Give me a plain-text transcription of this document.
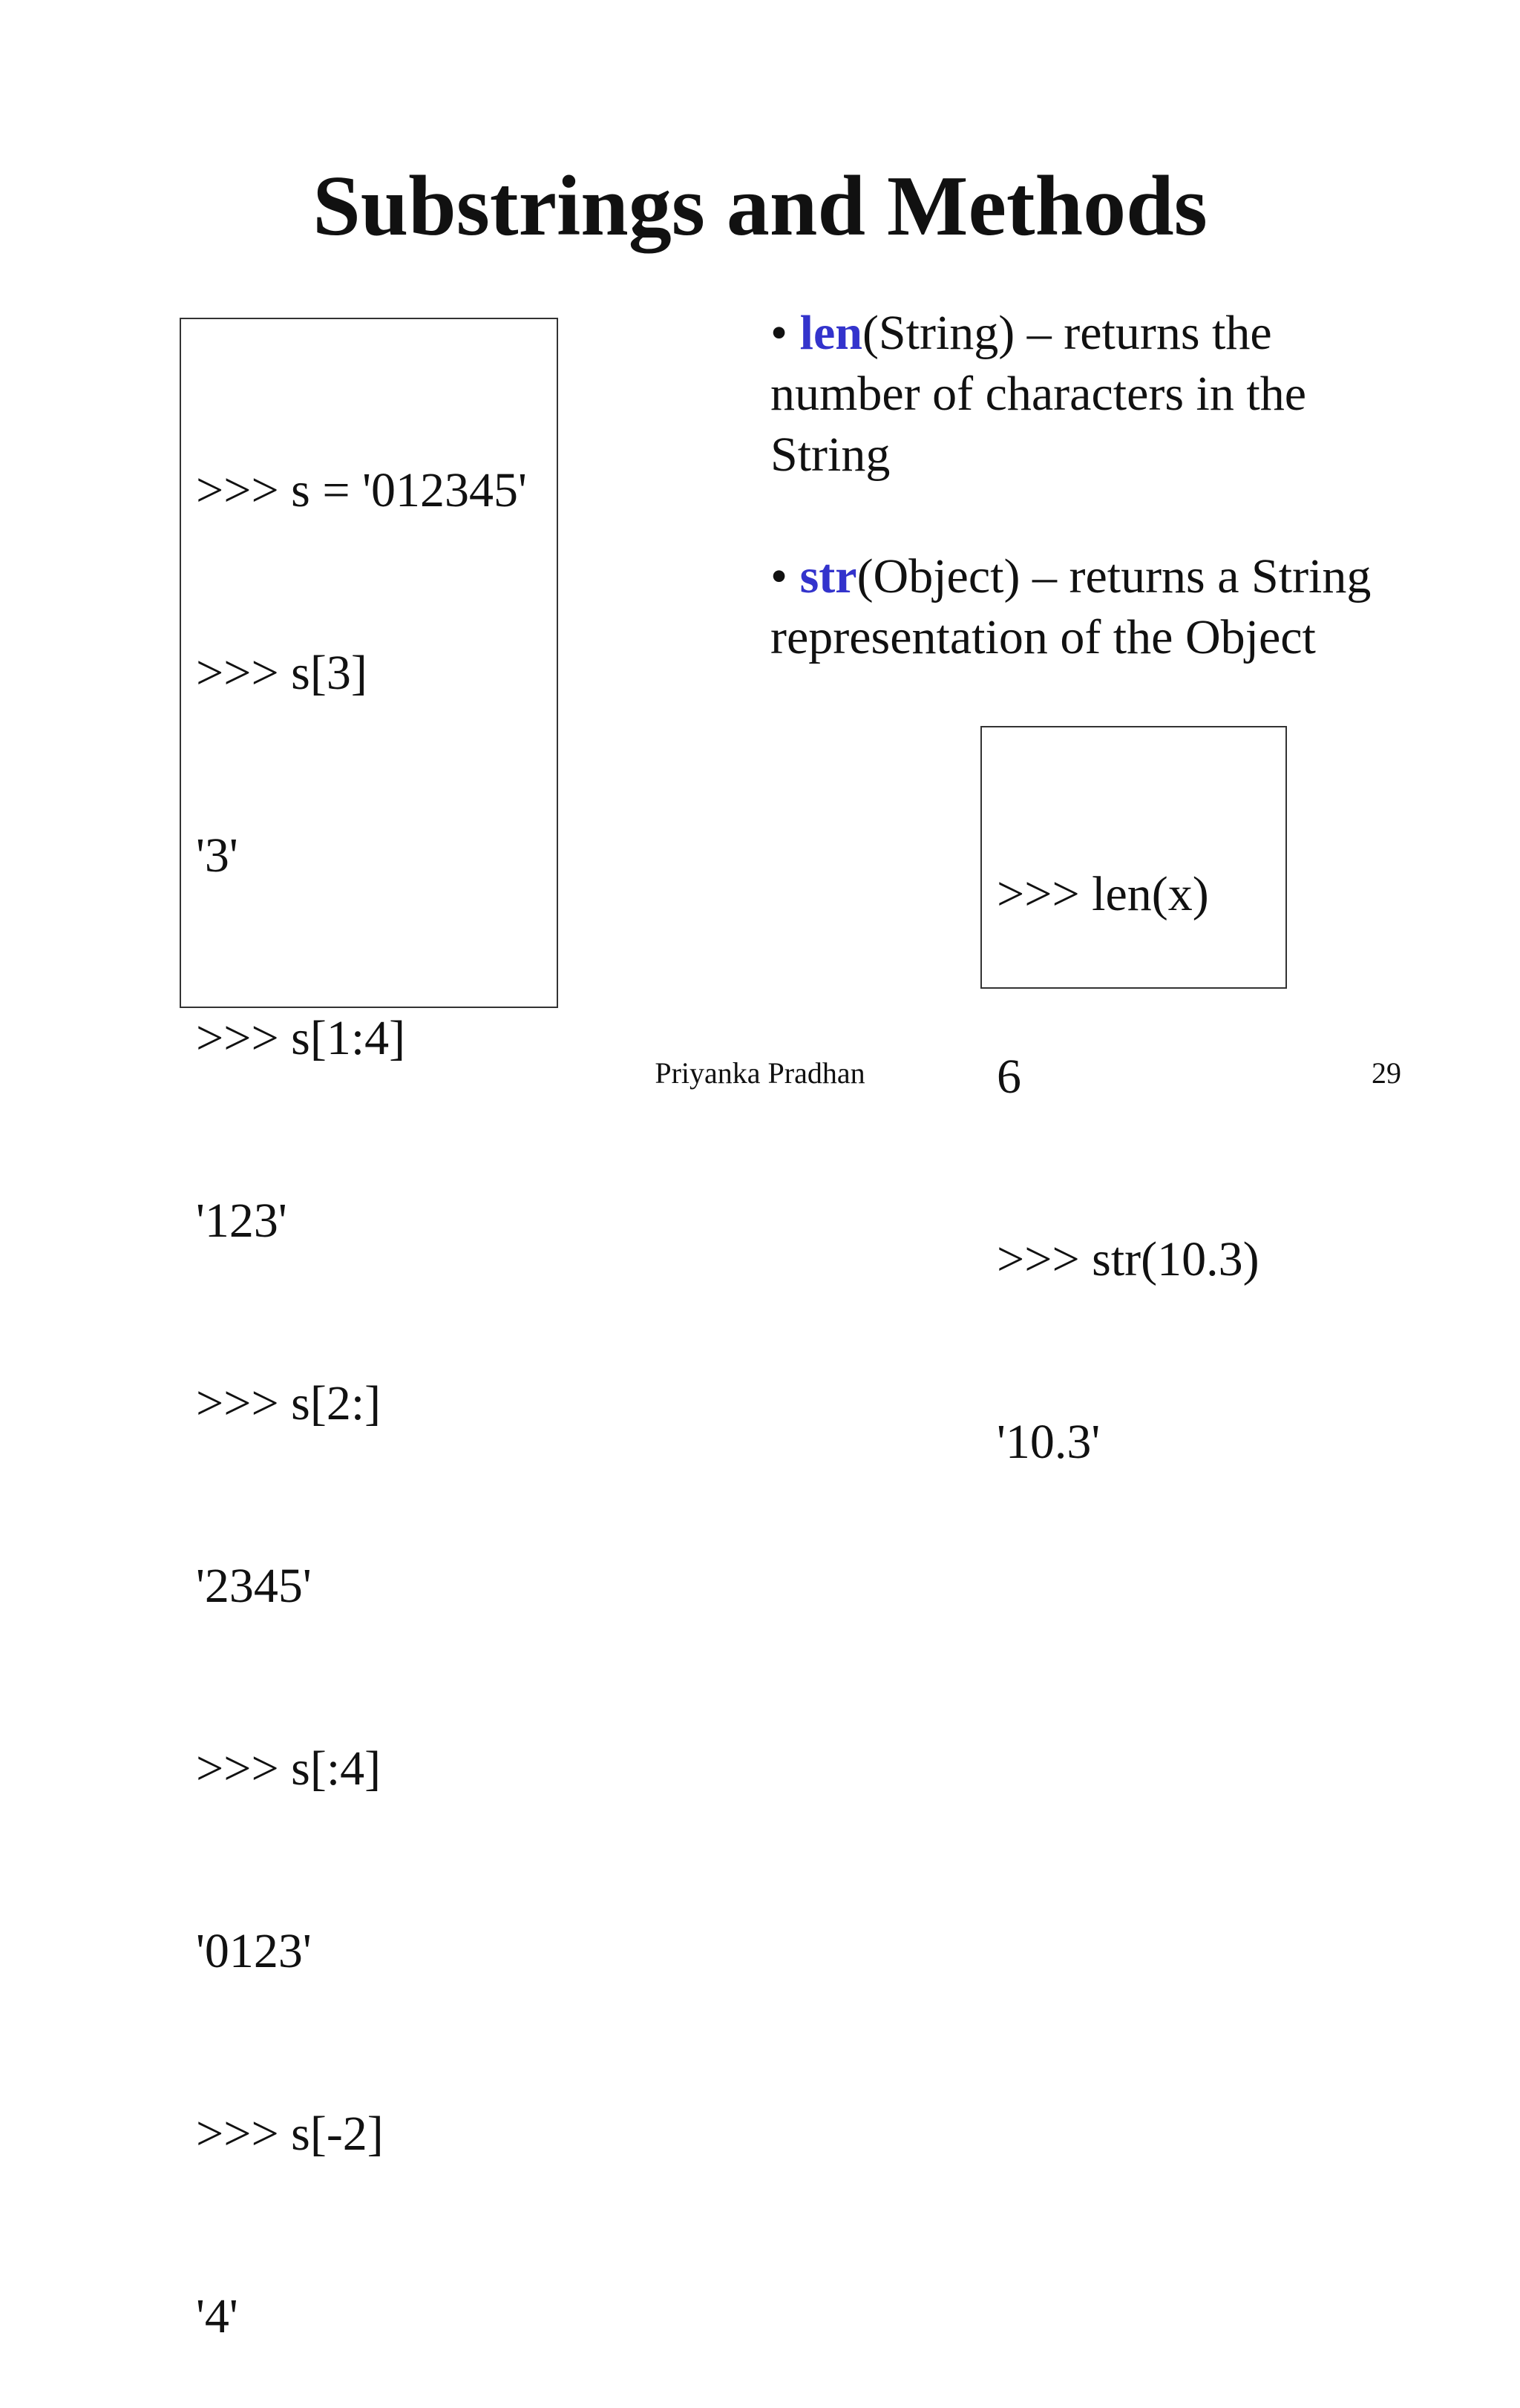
Substrings and Methods

>>> s = '012345'

>>> s[3]

'3'

>>> s[1:4]

'123'

>>> s[2:]

'2345'

>>> s[:4]

'0123'

>>> s[-2]

'4'

• len(String) – returns the number of characters in the String

• str(Object) – returns a String representation of the Object

>>> len(x)

6

>>> str(10.3)

'10.3'

Priyanka Pradhan	29
